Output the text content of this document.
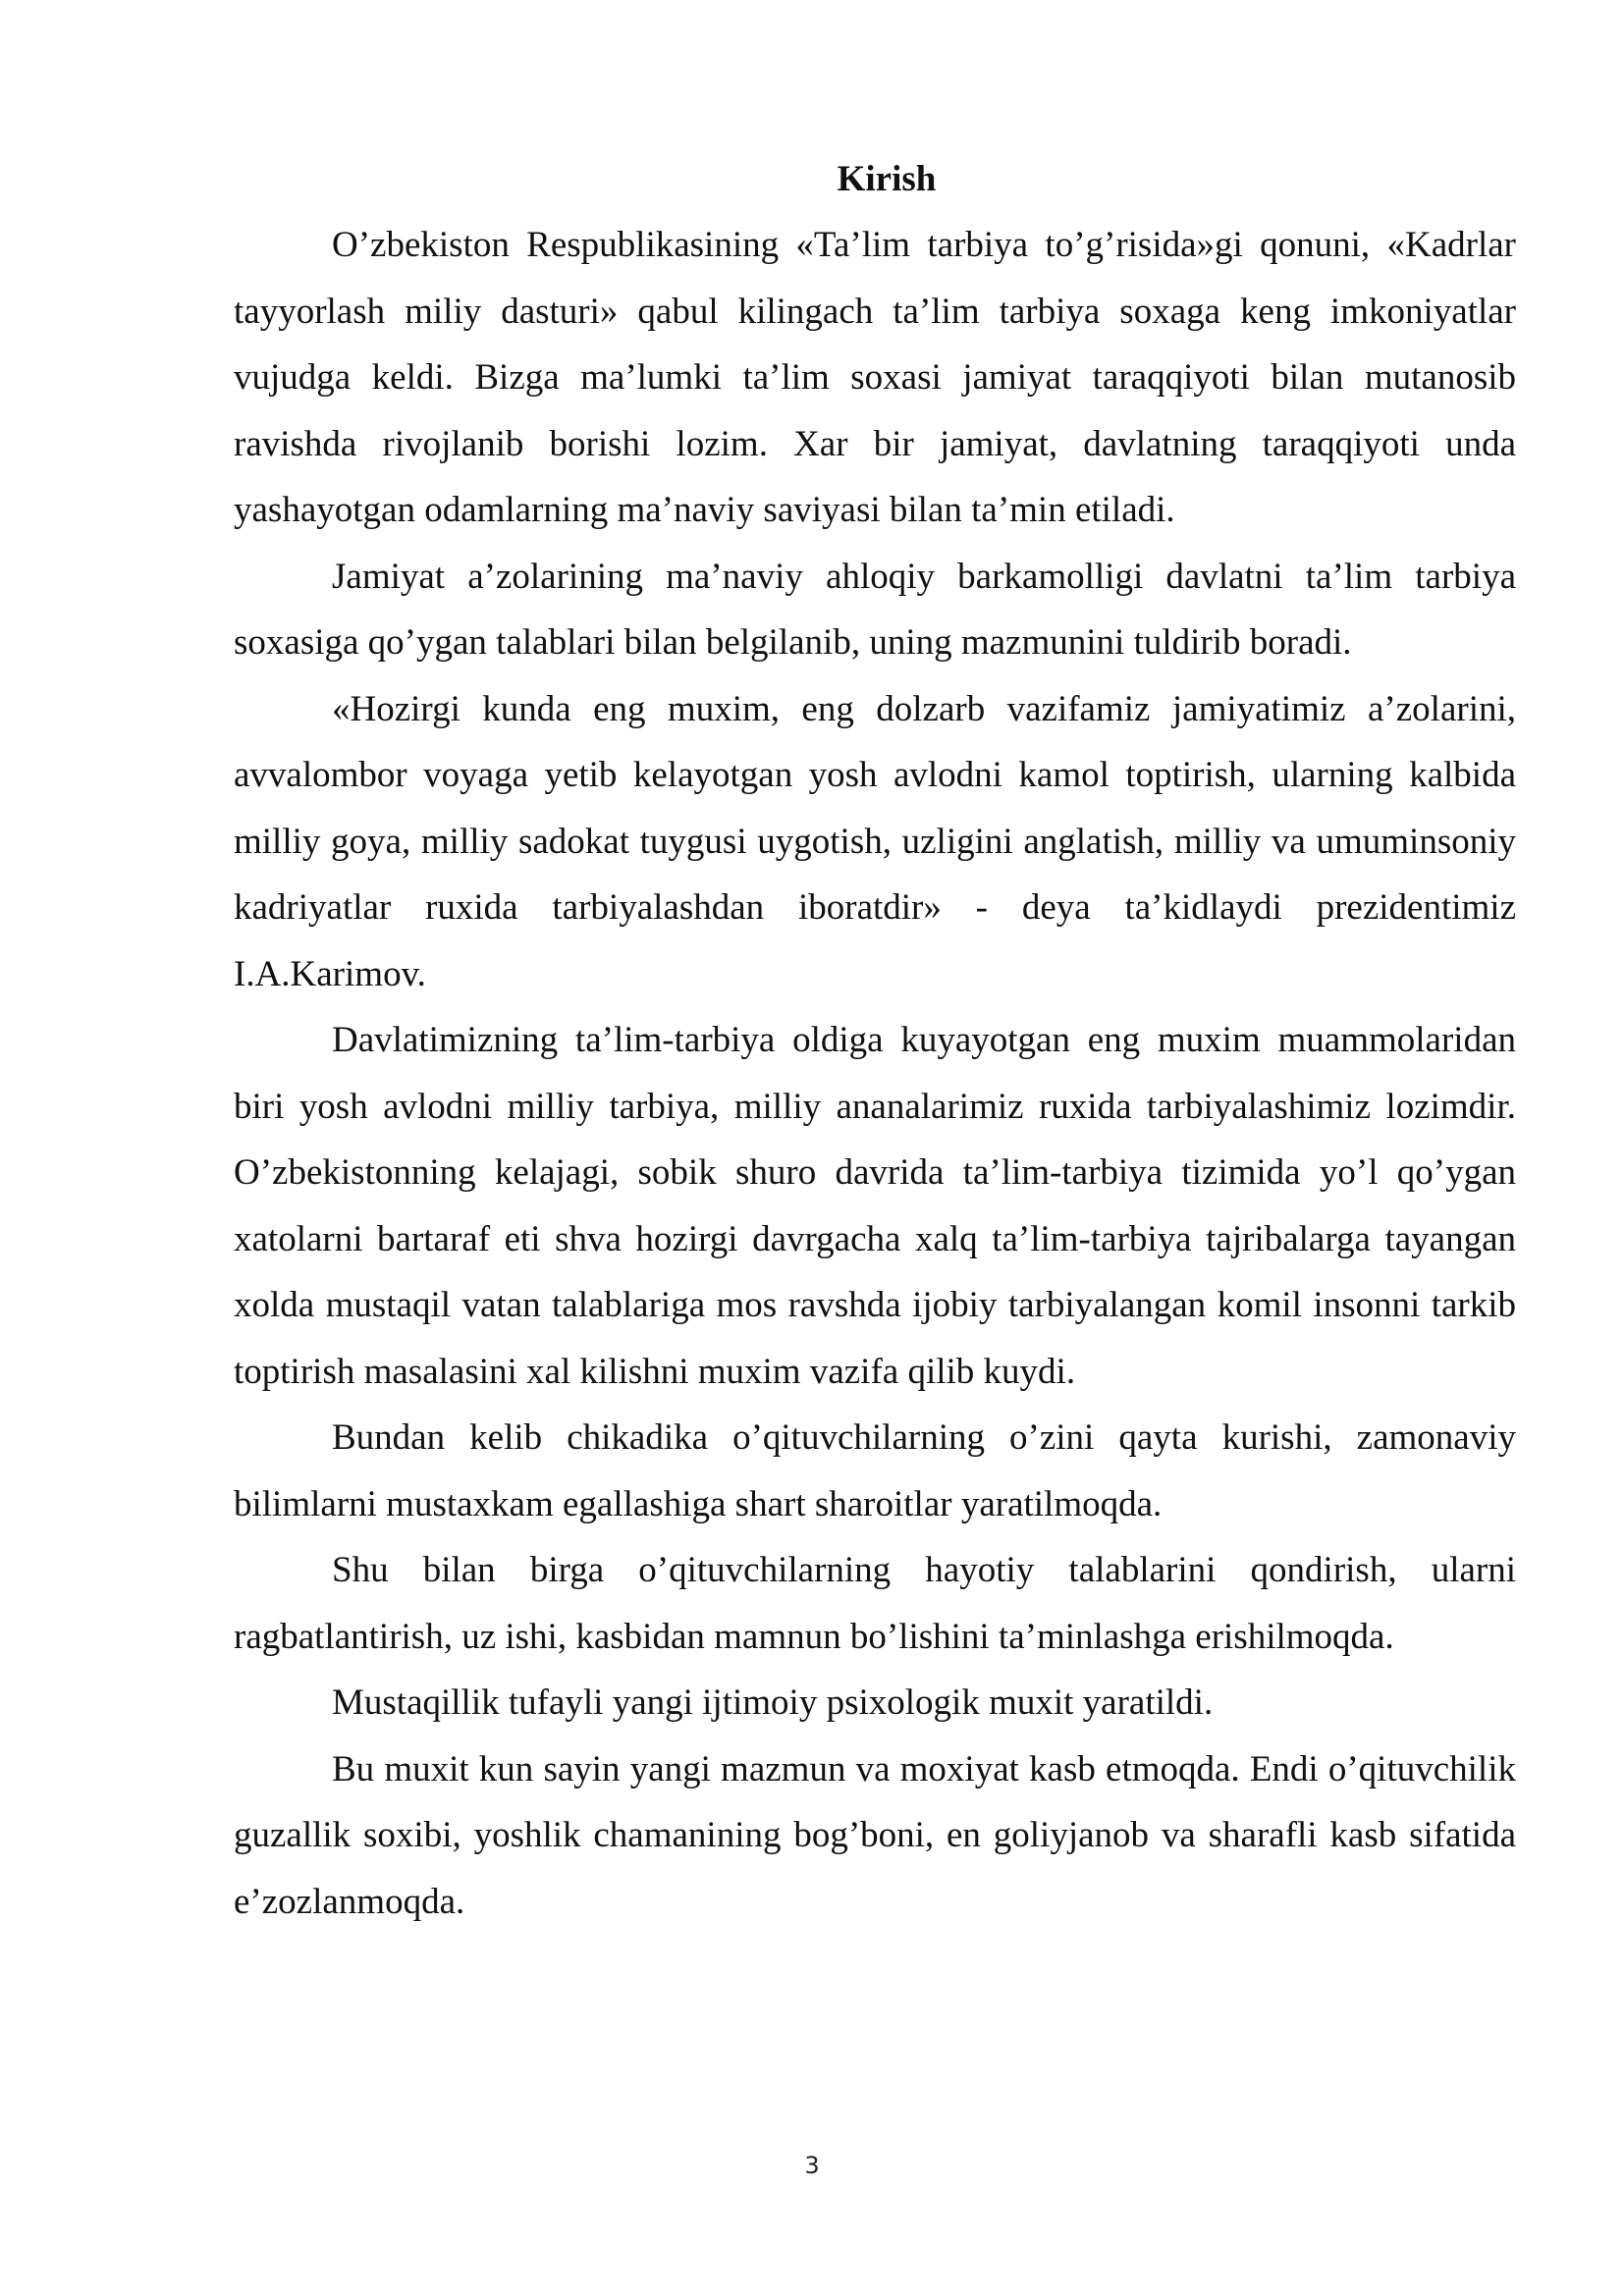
Kirish

O’zbekiston Respublikasining «Ta’lim tarbiya to’g’risida»gi qonuni, «Kadrlar tayyorlash miliy dasturi» qabul kilingach ta’lim tarbiya soxaga keng imkoniyatlar vujudga keldi. Bizga ma’lumki ta’lim soxasi jamiyat taraqqiyoti bilan mutanosib ravishda rivojlanib borishi lozim. Xar bir jamiyat, davlatning taraqqiyoti unda yashayotgan odamlarning ma’naviy saviyasi bilan ta’min etiladi.

Jamiyat a’zolarining ma’naviy ahloqiy barkamolligi davlatni ta’lim tarbiya soxasiga qo’ygan talablari bilan belgilanib, uning mazmunini tuldirib boradi.

«Hozirgi kunda eng muxim, eng dolzarb vazifamiz jamiyatimiz a’zolarini, avvalombor voyaga yetib kelayotgan yosh avlodni kamol toptirish, ularning kalbida milliy goya, milliy sadokat tuygusi uygotish, uzligini anglatish, milliy va umuminsoniy kadriyatlar ruxida tarbiyalashdan iboratdir» - deya ta’kidlaydi prezidentimiz I.A.Karimov.

Davlatimizning ta’lim-tarbiya oldiga kuyayotgan eng muxim muammolaridan biri yosh avlodni milliy tarbiya, milliy ananalarimiz ruxida tarbiyalashimiz lozimdir. O’zbekistonning kelajagi, sobik shuro davrida ta’lim-tarbiya tizimida yo’l qo’ygan xatolarni bartaraf eti shva hozirgi davrgacha xalq ta’lim-tarbiya tajribalarga tayangan xolda mustaqil vatan talablariga mos ravshda ijobiy tarbiyalangan komil insonni tarkib toptirish masalasini xal kilishni muxim vazifa qilib kuydi.

Bundan kelib chikadika o’qituvchilarning o’zini qayta kurishi, zamonaviy bilimlarni mustaxkam egallashiga shart sharoitlar yaratilmoqda.

Shu bilan birga o’qituvchilarning hayotiy talablarini qondirish, ularni ragbatlantirish, uz ishi, kasbidan mamnun bo’lishini ta’minlashga erishilmoqda.

Mustaqillik tufayli yangi ijtimoiy psixologik muxit yaratildi.

Bu muxit kun sayin yangi mazmun va moxiyat kasb etmoqda. Endi o’qituvchilik guzallik soxibi, yoshlik chamanining bog’boni, en goliyjanob va sharafli kasb sifatida e’zozlanmoqda.

3
